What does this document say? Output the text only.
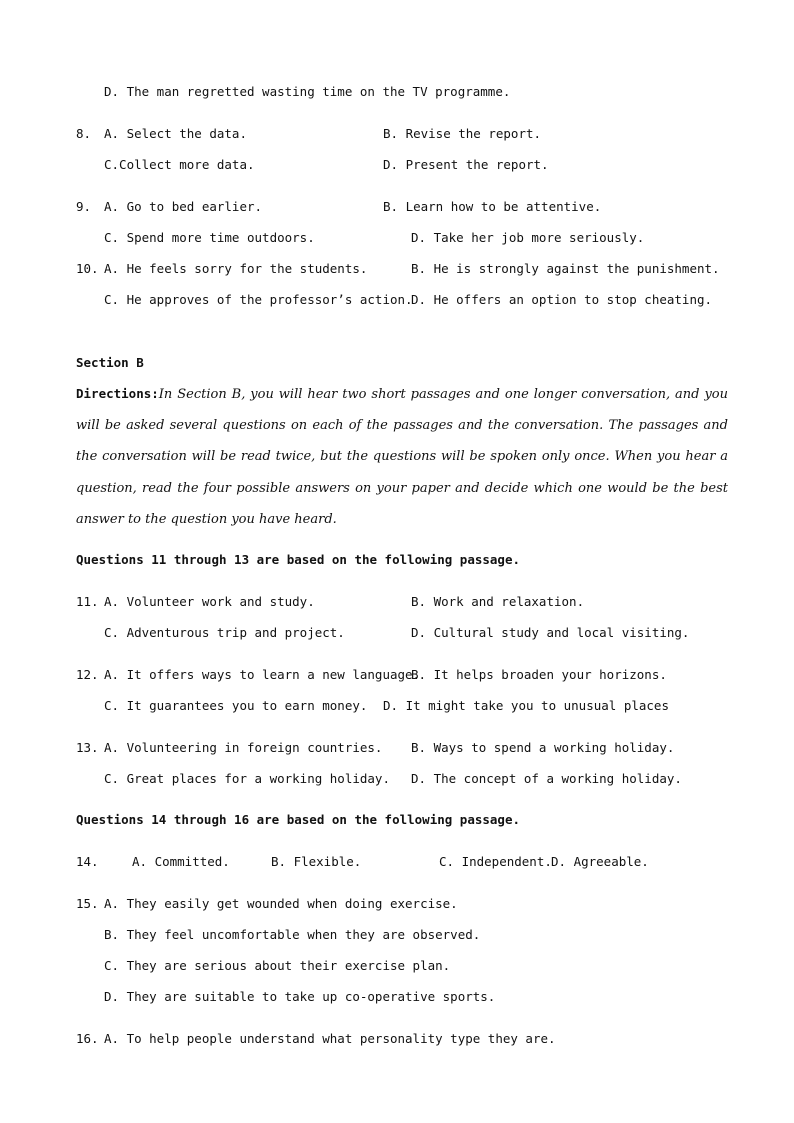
D. The man regretted wasting time on the TV programme.
8. A. Select the data.	B. Revise the report.
C.Collect more data.	D. Present the report.
9. A. Go to bed earlier.	B. Learn how to be attentive.
C. Spend more time outdoors.	D. Take her job more seriously.
10. A. He feels sorry for the students.	B. He is strongly against the punishment.
C. He approves of the professor’s action.
D. He offers an option to stop cheating.
Section B
Directions:In Section B, you will hear two short passages and one longer conversation, and you will be asked several questions on each of the passages and the conversation. The passages and the conversation will be read twice, but the questions will be spoken only once. When you hear a question, read the four possible answers on your paper and decide which one would be the best answer to the question you have heard.
Questions 11 through 13 are based on the following passage.
11. A. Volunteer work and study.	B. Work and relaxation.
C. Adventurous trip and project.	D. Cultural study and local visiting.
12. A. It offers ways to learn a new language.
B. It helps broaden your horizons.
C. It guarantees you to earn money. D. It might take you to unusual places
13. A. Volunteering in foreign countries. B. Ways to spend a working holiday.
C. Great places for a working holiday. D. The concept of a working holiday.
Questions 14 through 16 are based on the following passage.
14.	A. Committed.	B. Flexible.	C. Independent. D. Agreeable.
15. A. They easily get wounded when doing exercise.
B. They feel uncomfortable when they are observed.
C. They are serious about their exercise plan.
D. They are suitable to take up co-operative sports.
16. A. To help people understand what personality type they are.
